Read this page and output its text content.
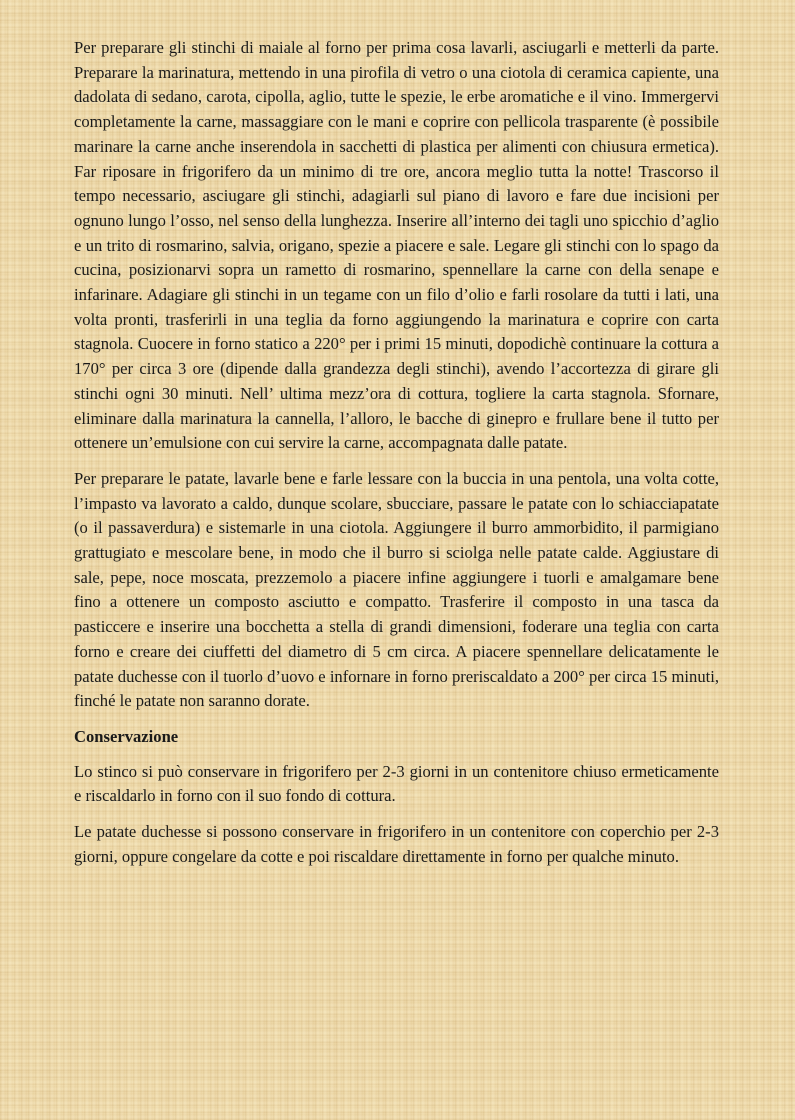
Per preparare gli stinchi di maiale al forno per prima cosa lavarli, asciugarli e metterli da parte. Preparare la marinatura, mettendo in una pirofila di vetro o una ciotola di ceramica capiente, una dadolata di sedano, carota, cipolla, aglio, tutte le spezie, le erbe aromatiche e il vino. Immergervi completamente la carne, massaggiare con le mani e coprire con pellicola trasparente (è possibile marinare la carne anche inserendola in sacchetti di plastica per alimenti con chiusura ermetica). Far riposare in frigorifero da un minimo di tre ore, ancora meglio tutta la notte! Trascorso il tempo necessario, asciugare gli stinchi, adagiarli sul piano di lavoro e fare due incisioni per ognuno lungo l’osso, nel senso della lunghezza. Inserire all’interno dei tagli uno spicchio d’aglio e un trito di rosmarino, salvia, origano, spezie a piacere e sale. Legare gli stinchi con lo spago da cucina, posizionarvi sopra un rametto di rosmarino, spennellare la carne con della senape e infarinare. Adagiare gli stinchi in un tegame con un filo d’olio e farli rosolare da tutti i lati, una volta pronti, trasferirli in una teglia da forno aggiungendo la marinatura e coprire con carta stagnola. Cuocere in forno statico a 220° per i primi 15 minuti, dopodichè continuare la cottura a 170° per circa 3 ore (dipende dalla grandezza degli stinchi), avendo l’accortezza di girare gli stinchi ogni 30 minuti. Nell’ ultima mezz’ora di cottura, togliere la carta stagnola. Sfornare, eliminare dalla marinatura la cannella, l’alloro, le bacche di ginepro e frullare bene il tutto per ottenere un’emulsione con cui servire la carne, accompagnata dalle patate.

Per preparare le patate, lavarle bene e farle lessare con la buccia in una pentola, una volta cotte, l’impasto va lavorato a caldo, dunque scolare, sbucciare, passare le patate con lo schiacciapatate (o il passaverdura) e sistemarle in una ciotola. Aggiungere il burro ammorbidito, il parmigiano grattugiato e mescolare bene, in modo che il burro si sciolga nelle patate calde. Aggiustare di sale, pepe, noce moscata, prezzemolo a piacere infine aggiungere i tuorli e amalgamare bene fino a ottenere un composto asciutto e compatto. Trasferire il composto in una tasca da pasticcere e inserire una bocchetta a stella di grandi dimensioni, foderare una teglia con carta forno e creare dei ciuffetti del diametro di 5 cm circa. A piacere spennellare delicatamente le patate duchesse con il tuorlo d’uovo e infornare in forno preriscaldato a 200° per circa 15 minuti, finché le patate non saranno dorate.

Conservazione

Lo stinco si può conservare in frigorifero per 2-3 giorni in un contenitore chiuso ermeticamente e riscaldarlo in forno con il suo fondo di cottura.

Le patate duchesse si possono conservare in frigorifero in un contenitore con coperchio per 2-3 giorni, oppure congelare da cotte e poi riscaldare direttamente in forno per qualche minuto.
